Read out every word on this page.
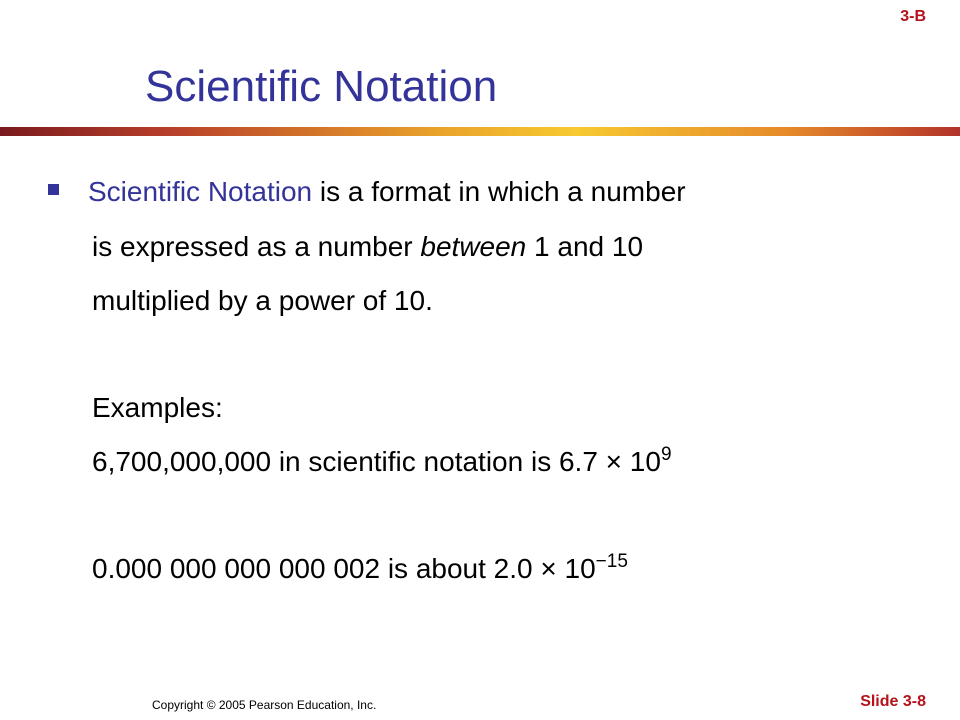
3-B
Scientific Notation
Scientific Notation is a format in which a number
is expressed as a number between 1 and 10
multiplied by a power of 10.
Examples:
6,700,000,000 in scientific notation is $6.7 \times 10^9$
0.000 000 000 000 002 is about $2.0 \times 10^{-15}$
Copyright © 2005 Pearson Education, Inc.	Slide 3-8
